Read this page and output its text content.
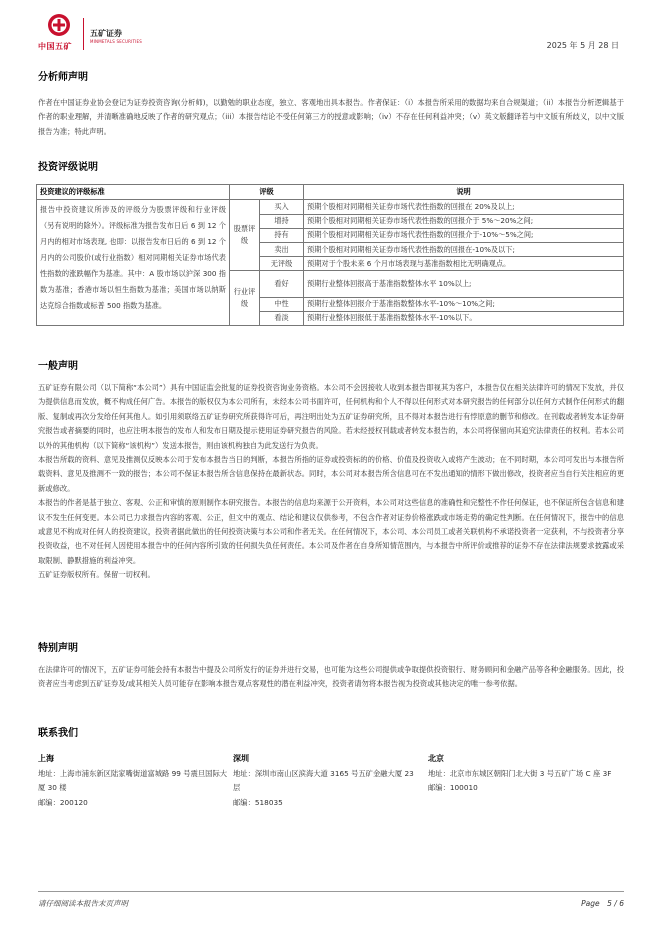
中国五矿
五矿证券
MINMETALS SECURITIES	2025 年 5 月 28 日
分析师声明

作者在中国证券业协会登记为证券投资咨询(分析师)，以勤勉的职业态度，独立、客观地出具本报告。作者保证：（i）本报告所采用的数据均来自合规渠道；（ii）本报告分析逻辑基于作者的职业理解，并清晰准确地反映了作者的研究观点；（iii）本报告结论不受任何第三方的授意或影响；（iv）不存在任何利益冲突；（v）英文版翻译若与中文版有所歧义，以中文版报告为准；特此声明。

投资评级说明
投资建议的评级标准	评级		说明
报告中投资建议所涉及的评级分为股票评级和行业评级（另有说明的除外）。评级标准为报告发布日后 6 到 12 个月内的相对市场表现, 也即：以报告发布日后的 6 到 12 个月内的公司股价(或行业指数）相对同期相关证券市场代表性指数的涨跌幅作为基准。其中：A 股市场以沪深 300 指数为基准；香港市场以恒生指数为基准；美国市场以纳斯达克综合指数或标普 500 指数为基准。	股票评级	买入	预期个股相对同期相关证券市场代表性指数的回报在 20%及以上;
		增持	预期个股相对同期相关证券市场代表性指数的回报介于 5%～20%之间;
		持有	预期个股相对同期相关证券市场代表性指数的回报介于-10%～5%之间;
		卖出	预期个股相对同期相关证券市场代表性指数的回报在-10%及以下;
		无评级	预期对于个股未来 6 个月市场表现与基准指数相比无明确观点。
	行业评级	看好	预期行业整体回报高于基准指数整体水平 10%以上;
		中性	预期行业整体回报介于基准指数整体水平-10%～10%之间;
		看淡	预期行业整体回报低于基准指数整体水平-10%以下。
一般声明

五矿证券有限公司（以下简称“本公司”）具有中国证监会批复的证券投资咨询业务资格。本公司不会因接收人收到本报告即视其为客户，本报告仅在相关法律许可的情况下发放，并仅为提供信息而发放，概不构成任何广告。本报告的版权仅为本公司所有，未经本公司书面许可，任何机构和个人不得以任何形式对本研究报告的任何部分以任何方式制作任何形式的翻版、复制或再次分发给任何其他人。如引用须联络五矿证券研究所获得许可后，再注明出处为五矿证券研究所，且不得对本报告进行有悖原意的删节和修改。在刊载或者转发本证券研究报告或者摘要的同时，也应注明本报告的发布人和发布日期及提示使用证券研究报告的风险。若未经授权刊载或者转发本报告的，本公司将保留向其追究法律责任的权利。若本公司以外的其他机构（以下简称“该机构”）发送本报告，则由该机构独自为此发送行为负责。

本报告所载的资料、意见及推测仅反映本公司于发布本报告当日的判断，本报告所指的证券或投资标的的价格、价值及投资收入或将产生波动；在不同时期，本公司可发出与本报告所载资料、意见及推测不一致的报告；本公司不保证本报告所含信息保持在最新状态。同时，本公司对本报告所含信息可在不发出通知的情形下做出修改，投资者应当自行关注相应的更新或修改。

本报告的作者是基于独立、客观、公正和审慎的原则制作本研究报告。本报告的信息均来源于公开资料，本公司对这些信息的准确性和完整性不作任何保证，也不保证所包含信息和建议不发生任何变更。本公司已力求报告内容的客观、公正，但文中的观点、结论和建议仅供参考，不包含作者对证券价格涨跌或市场走势的确定性判断。在任何情况下，报告中的信息或意见不构成对任何人的投资建议，投资者据此做出的任何投资决策与本公司和作者无关。在任何情况下，本公司、本公司员工或者关联机构不承诺投资者一定获利，不与投资者分享投资收益，也不对任何人因使用本报告中的任何内容所引致的任何损失负任何责任。本公司及作者在自身所知情范围内，与本报告中所评价或推荐的证券不存在法律法规要求披露或采取限制、静默措施的利益冲突。

五矿证券版权所有。保留一切权利。

特别声明

在法律许可的情况下，五矿证券可能会持有本报告中提及公司所发行的证券并进行交易，也可能为这些公司提供或争取提供投资银行、财务顾问和金融产品等各种金融服务。因此，投资者应当考虑到五矿证券及/或其相关人员可能存在影响本报告观点客观性的潜在利益冲突，投资者请勿将本报告视为投资或其他决定的唯一参考依据。

联系我们
上海
地址：上海市浦东新区陆家嘴街道富城路 99 号震旦国际大厦 30 楼
邮编：200120
深圳
地址：深圳市南山区滨海大道 3165 号五矿金融大厦 23 层
邮编：518035
北京
地址：北京市东城区朝阳门北大街 3 号五矿广场 C 座 3F
邮编：100010
请仔细阅读本报告末页声明	Page　5 / 6
